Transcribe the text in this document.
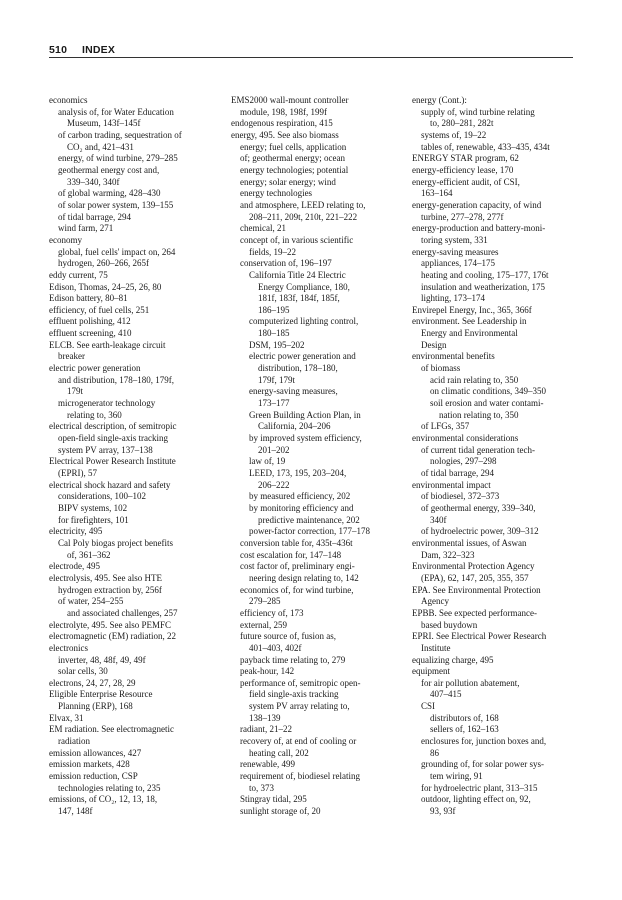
510 INDEX
economics
analysis of, for Water Education
Museum, 143f–145f
of carbon trading, sequestration of
CO₂ and, 421–431
energy, of wind turbine, 279–285
geothermal energy cost and,
339–340, 340f
of global warming, 428–430
of solar power system, 139–155
of tidal barrage, 294
wind farm, 271
economy
global, fuel cells' impact on, 264
hydrogen, 260–266, 265f
eddy current, 75
Edison, Thomas, 24–25, 26, 80
Edison battery, 80–81
efficiency, of fuel cells, 251
effluent polishing, 412
effluent screening, 410
ELCB. See earth-leakage circuit
breaker
electric power generation
and distribution, 178–180, 179f,
179t
microgenerator technology
relating to, 360
electrical description, of semitropic
open-field single-axis tracking
system PV array, 137–138
Electrical Power Research Institute
(EPRI), 57
electrical shock hazard and safety
considerations, 100–102
BIPV systems, 102
for firefighters, 101
electricity, 495
Cal Poly biogas project benefits
of, 361–362
electrode, 495
electrolysis, 495. See also HTE
hydrogen extraction by, 256f
of water, 254–255
and associated challenges, 257
electrolyte, 495. See also PEMFC
electromagnetic (EM) radiation, 22
electronics
inverter, 48, 48f, 49, 49f
solar cells, 30
electrons, 24, 27, 28, 29
Eligible Enterprise Resource
Planning (ERP), 168
Elvax, 31
EM radiation. See electromagnetic
radiation
emission allowances, 427
emission markets, 428
emission reduction, CSP
technologies relating to, 235
emissions, of CO₂, 12, 13, 18,
147, 148f
EMS2000 wall-mount controller
module, 198, 198f, 199f
endogenous respiration, 415
energy, 495. See also biomass
energy; fuel cells, application
of; geothermal energy; ocean
energy technologies; potential
energy; solar energy; wind
energy technologies
and atmosphere, LEED relating to,
208–211, 209t, 210t, 221–222
chemical, 21
concept of, in various scientific
fields, 19–22
conservation of, 196–197
California Title 24 Electric
Energy Compliance, 180,
181f, 183f, 184f, 185f,
186–195
computerized lighting control,
180–185
DSM, 195–202
electric power generation and
distribution, 178–180,
179f, 179t
energy-saving measures,
173–177
Green Building Action Plan, in
California, 204–206
by improved system efficiency,
201–202
law of, 19
LEED, 173, 195, 203–204,
206–222
by measured efficiency, 202
by monitoring efficiency and
predictive maintenance, 202
power-factor correction, 177–178
conversion table for, 435t–436t
cost escalation for, 147–148
cost factor of, preliminary engi-
neering design relating to, 142
economics of, for wind turbine,
279–285
efficiency of, 173
external, 259
future source of, fusion as,
401–403, 402f
payback time relating to, 279
peak-hour, 142
performance of, semitropic open-
field single-axis tracking
system PV array relating to,
138–139
radiant, 21–22
recovery of, at end of cooling or
heating call, 202
renewable, 499
requirement of, biodiesel relating
to, 373
Stingray tidal, 295
sunlight storage of, 20
energy (Cont.):
supply of, wind turbine relating
to, 280–281, 282t
systems of, 19–22
tables of, renewable, 433–435, 434t
ENERGY STAR program, 62
energy-efficiency lease, 170
energy-efficient audit, of CSI,
163–164
energy-generation capacity, of wind
turbine, 277–278, 277f
energy-production and battery-moni-
toring system, 331
energy-saving measures
appliances, 174–175
heating and cooling, 175–177, 176t
insulation and weatherization, 175
lighting, 173–174
Envirepel Energy, Inc., 365, 366f
environment. See Leadership in
Energy and Environmental
Design
environmental benefits
of biomass
acid rain relating to, 350
on climatic conditions, 349–350
soil erosion and water contami-
nation relating to, 350
of LFGs, 357
environmental considerations
of current tidal generation tech-
nologies, 297–298
of tidal barrage, 294
environmental impact
of biodiesel, 372–373
of geothermal energy, 339–340,
340f
of hydroelectric power, 309–312
environmental issues, of Aswan
Dam, 322–323
Environmental Protection Agency
(EPA), 62, 147, 205, 355, 357
EPA. See Environmental Protection
Agency
EPBB. See expected performance-
based buydown
EPRI. See Electrical Power Research
Institute
equalizing charge, 495
equipment
for air pollution abatement,
407–415
CSI
distributors of, 168
sellers of, 162–163
enclosures for, junction boxes and,
86
grounding of, for solar power sys-
tem wiring, 91
for hydroelectric plant, 313–315
outdoor, lighting effect on, 92,
93, 93f
